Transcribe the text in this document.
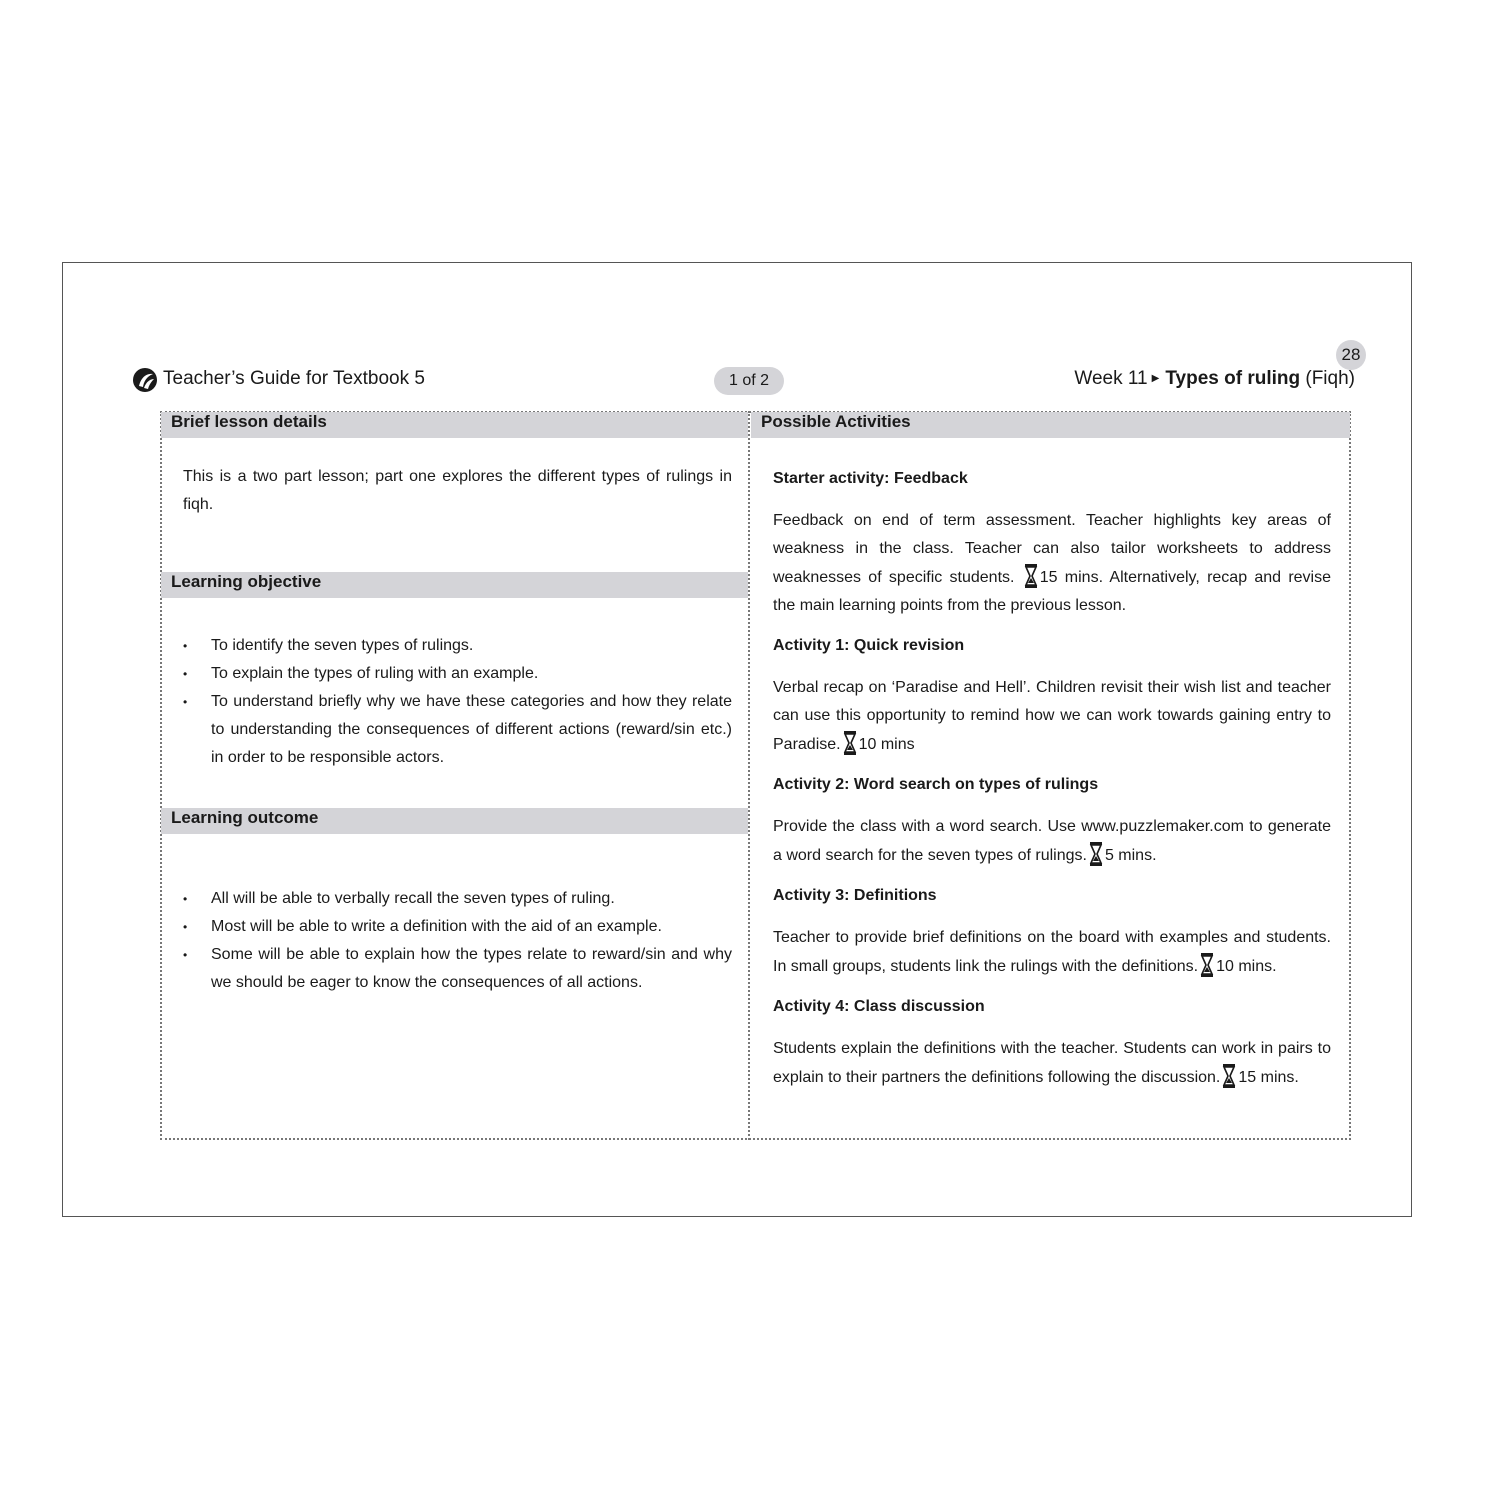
28
Teacher’s Guide for Textbook 5	1 of 2	Week 11 ▶ Types of ruling (Fiqh)
Brief lesson details

This is a two part lesson; part one explores the different types of rulings in fiqh.

Learning objective
• To identify the seven types of rulings.
• To explain the types of ruling with an example.
• To understand briefly why we have these categories and how they relate to understanding the consequences of different actions (reward/sin etc.) in order to be responsible actors.
Learning outcome
• All will be able to verbally recall the seven types of ruling.
• Most will be able to write a definition with the aid of an example.
• Some will be able to explain how the types relate to reward/sin and why we should be eager to know the consequences of all actions.
Possible Activities
Starter activity: Feedback
Feedback on end of term assessment. Teacher highlights key areas of weakness in the class. Teacher can also tailor worksheets to address weaknesses of specific students. 15 mins. Alternatively, recap and revise the main learning points from the previous lesson.
Activity 1: Quick revision
Verbal recap on ‘Paradise and Hell’. Children revisit their wish list and teacher can use this opportunity to remind how we can work towards gaining entry to Paradise. 10 mins
Activity 2: Word search on types of rulings
Provide the class with a word search. Use www.puzzlemaker.com to generate a word search for the seven types of rulings. 5 mins.
Activity 3: Definitions
Teacher to provide brief definitions on the board with examples and students. In small groups, students link the rulings with the definitions. 10 mins.
Activity 4: Class discussion
Students explain the definitions with the teacher. Students can work in pairs to explain to their partners the definitions following the discussion. 15 mins.
